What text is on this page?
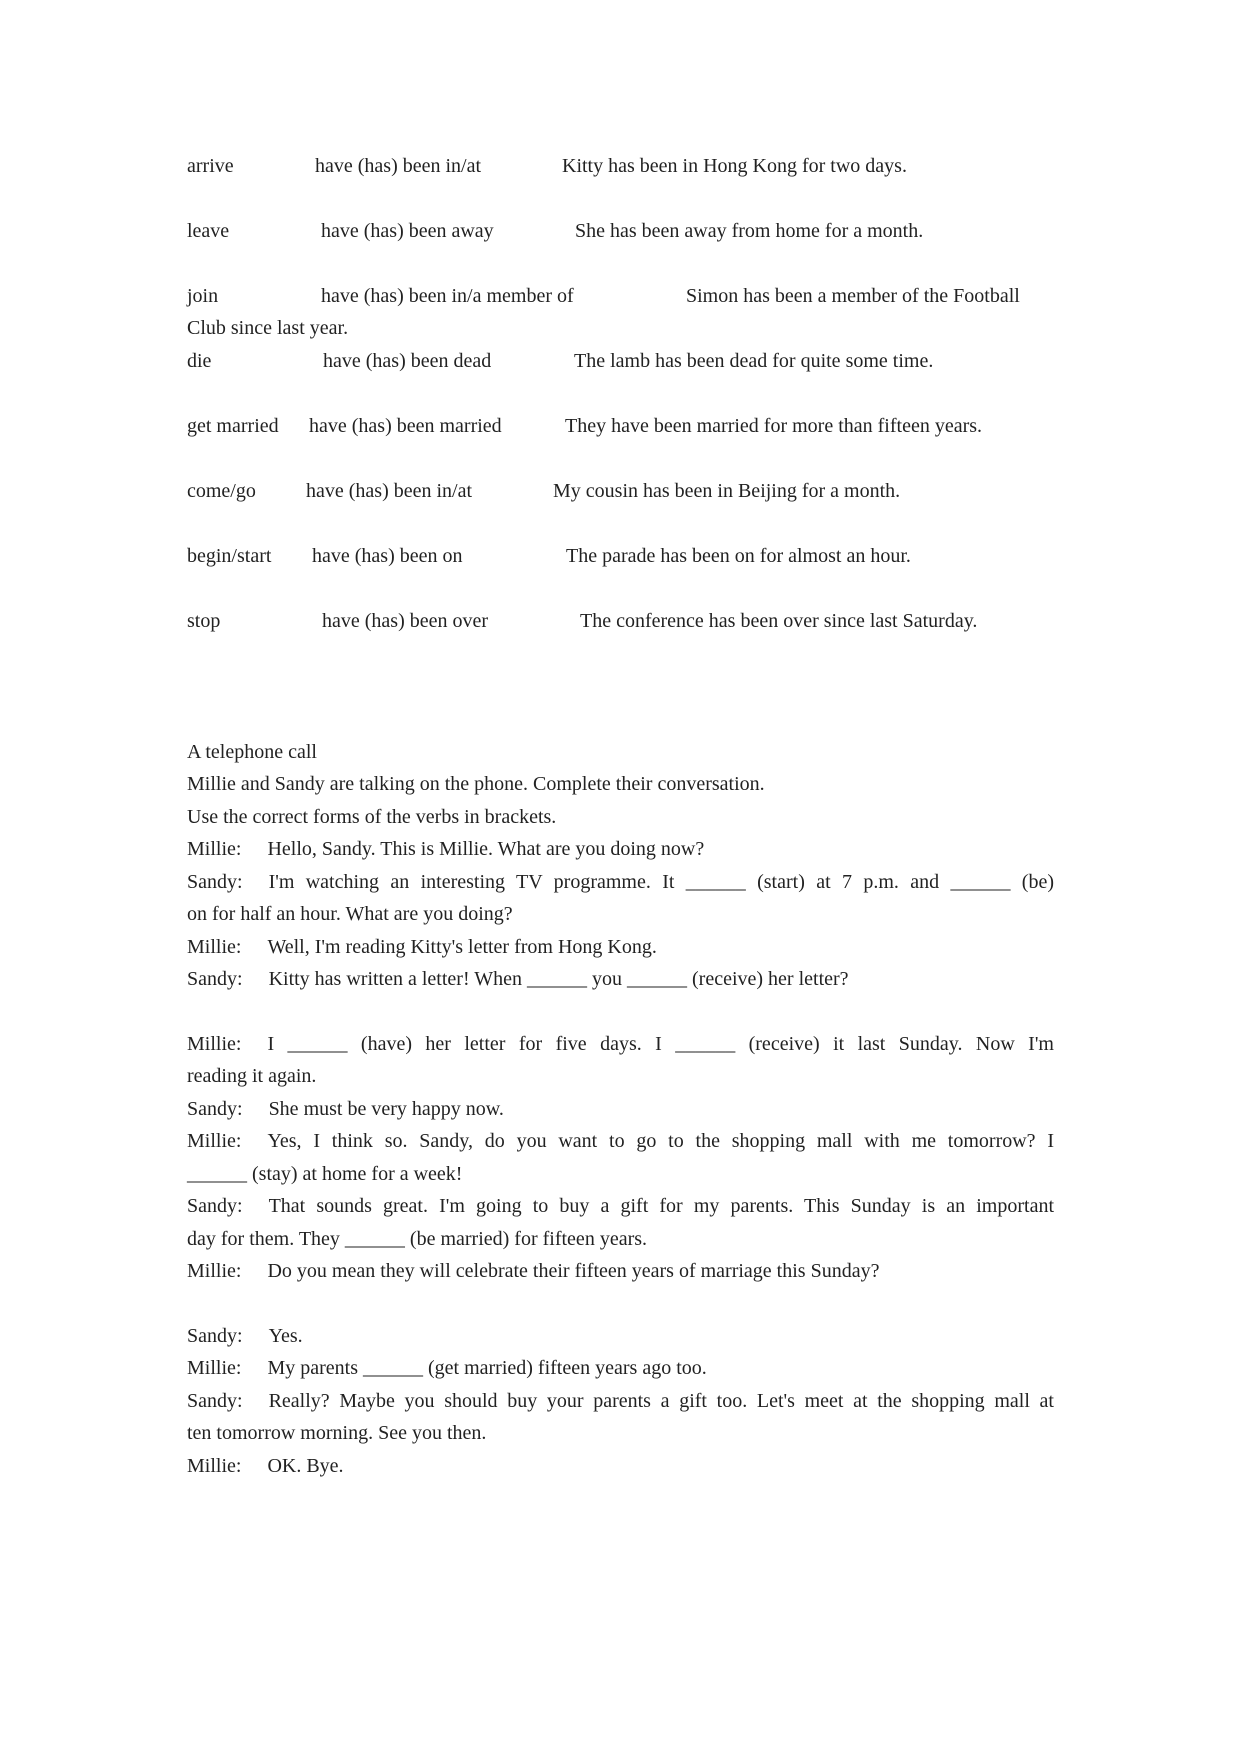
arrive	have (has) been in/at	Kitty has been in Hong Kong for two days.
leave	have (has) been away	She has been away from home for a month.
join	have (has) been in/a member of	Simon has been a member of the Football
Club since last year.
die	have (has) been dead	The lamb has been dead for quite some time.
get married have (has) been married	They have been married for more than fifteen years.
come/go	have (has) been in/at	My cousin has been in Beijing for a month.
begin/start have (has) been on	The parade has been on for almost an hour.
stop	have (has) been over	The conference has been over since last Saturday.
A telephone call
Millie and Sandy are talking on the phone. Complete their conversation.
Use the correct forms of the verbs in brackets.
Millie: Hello, Sandy. This is Millie. What are you doing now?
Sandy: I'm watching an interesting TV programme. It ______ (start) at 7 p.m. and ______ (be)
on for half an hour. What are you doing?
Millie: Well, I'm reading Kitty's letter from Hong Kong.
Sandy: Kitty has written a letter! When ______ you ______ (receive) her letter?
Millie: I ______ (have) her letter for five days. I ______ (receive) it last Sunday. Now I'm
reading it again.
Sandy: She must be very happy now.
Millie: Yes, I think so. Sandy, do you want to go to the shopping mall with me tomorrow? I
______ (stay) at home for a week!
Sandy: That sounds great. I'm going to buy a gift for my parents. This Sunday is an important
day for them. They ______ (be married) for fifteen years.
Millie: Do you mean they will celebrate their fifteen years of marriage this Sunday?
Sandy: Yes.
Millie: My parents ______ (get married) fifteen years ago too.
Sandy: Really? Maybe you should buy your parents a gift too. Let's meet at the shopping mall at
ten tomorrow morning. See you then.
Millie: OK. Bye.
